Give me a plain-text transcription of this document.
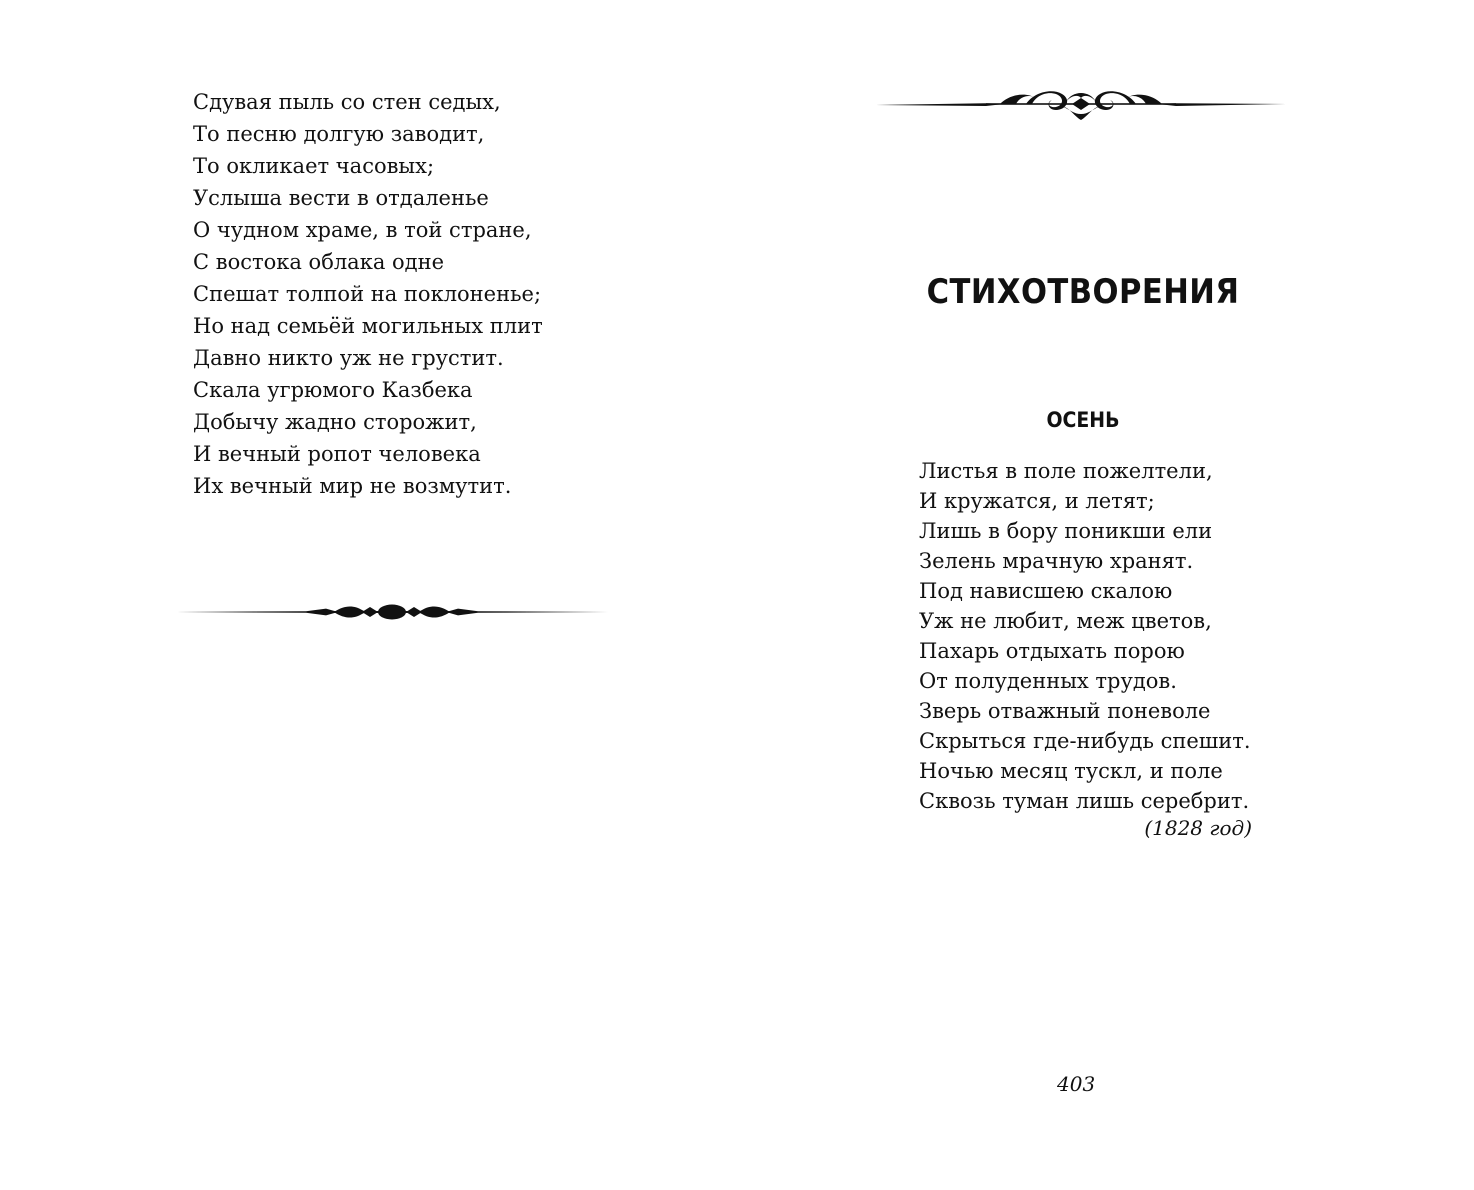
Сдувая пыль со стен седых,
То песню долгую заводит,
То окликает часовых;
Услыша вести в отдаленье
О чудном храме, в той стране,
С востока облака одне
Спешат толпой на поклоненье;
Но над семьёй могильных плит
Давно никто уж не грустит.
Скала угрюмого Казбека
Добычу жадно сторожит,
И вечный ропот человека
Их вечный мир не возмутит.
СТИХОТВОРЕНИЯ
ОСЕНЬ
Листья в поле пожелтели,
И кружатся, и летят;
Лишь в бору поникши ели
Зелень мрачную хранят.
Под нависшею скалою
Уж не любит, меж цветов,
Пахарь отдыхать порою
От полуденных трудов.
Зверь отважный поневоле
Скрыться где-нибудь спешит.
Ночью месяц тускл, и поле
Сквозь туман лишь серебрит.
(1828 год)
403
